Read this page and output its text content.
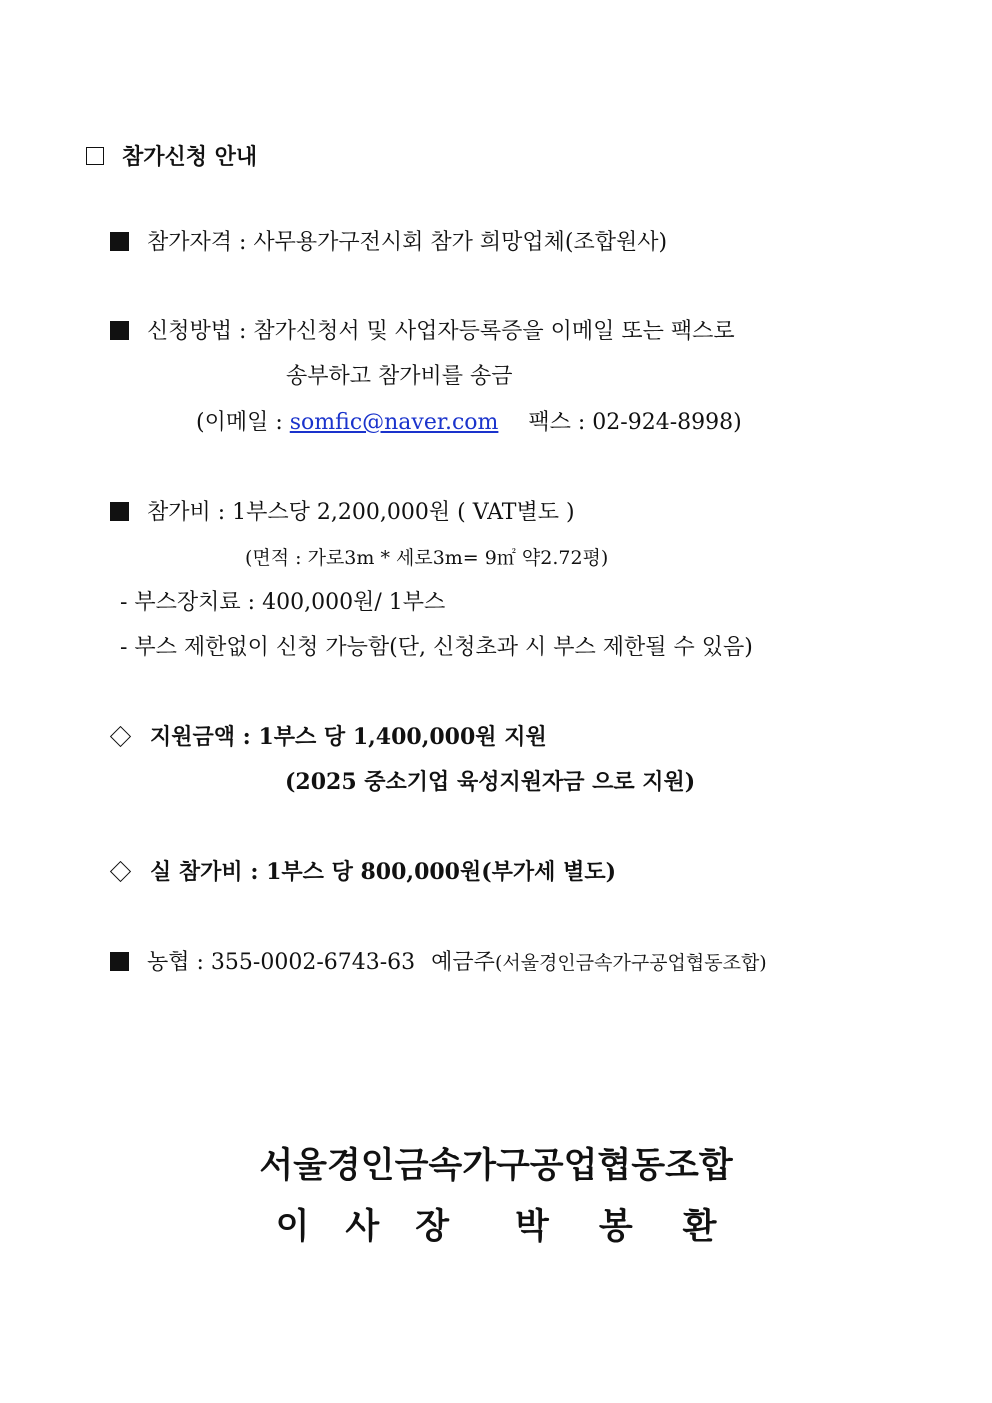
참가신청 안내
참가자격 : 사무용가구전시회 참가 희망업체(조합원사)
신청방법 : 참가신청서 및 사업자등록증을 이메일 또는 팩스로
송부하고 참가비를 송금
(이메일 : somfic@naver.com 팩스 : 02-924-8998)
참가비 : 1부스당 2,200,000원 ( VAT별도 )
(면적 : 가로3m * 세로3m= 9㎡ 약2.72평)
- 부스장치료 : 400,000원/ 1부스
- 부스 제한없이 신청 가능함(단, 신청초과 시 부스 제한될 수 있음)
지원금액 : 1부스 당 1,400,000원 지원
(2025 중소기업 육성지원자금 으로 지원)
실 참가비 : 1부스 당 800,000원(부가세 별도)
농협 : 355-0002-6743-63 예금주(서울경인금속가구공업협동조합)
서울경인금속가구공업협동조합
이 사 장 박 봉 환
